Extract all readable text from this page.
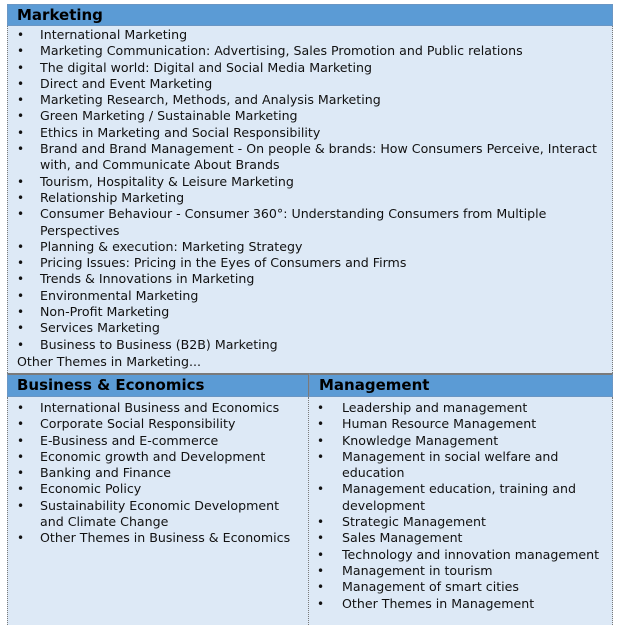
Marketing
• International Marketing
• Marketing Communication: Advertising, Sales Promotion and Public relations
• The digital world: Digital and Social Media Marketing
• Direct and Event Marketing
• Marketing Research, Methods, and Analysis Marketing
• Green Marketing / Sustainable Marketing
• Ethics in Marketing and Social Responsibility
• Brand and Brand Management - On people & brands: How Consumers Perceive, Interact with, and Communicate About Brands
• Tourism, Hospitality & Leisure Marketing
• Relationship Marketing
• Consumer Behaviour - Consumer 360°: Understanding Consumers from Multiple Perspectives
• Planning & execution: Marketing Strategy
• Pricing Issues: Pricing in the Eyes of Consumers and Firms
• Trends & Innovations in Marketing
• Environmental Marketing
• Non-Profit Marketing
• Services Marketing
• Business to Business (B2B) Marketing
Other Themes in Marketing...
Business & Economics
• International Business and Economics
• Corporate Social Responsibility
• E-Business and E-commerce
• Economic growth and Development
• Banking and Finance
• Economic Policy
• Sustainability Economic Development and Climate Change
• Other Themes in Business & Economics
Management
• Leadership and management
• Human Resource Management
• Knowledge Management
• Management in social welfare and education
• Management education, training and development
• Strategic Management
• Sales Management
• Technology and innovation management
• Management in tourism
• Management of smart cities
• Other Themes in Management
